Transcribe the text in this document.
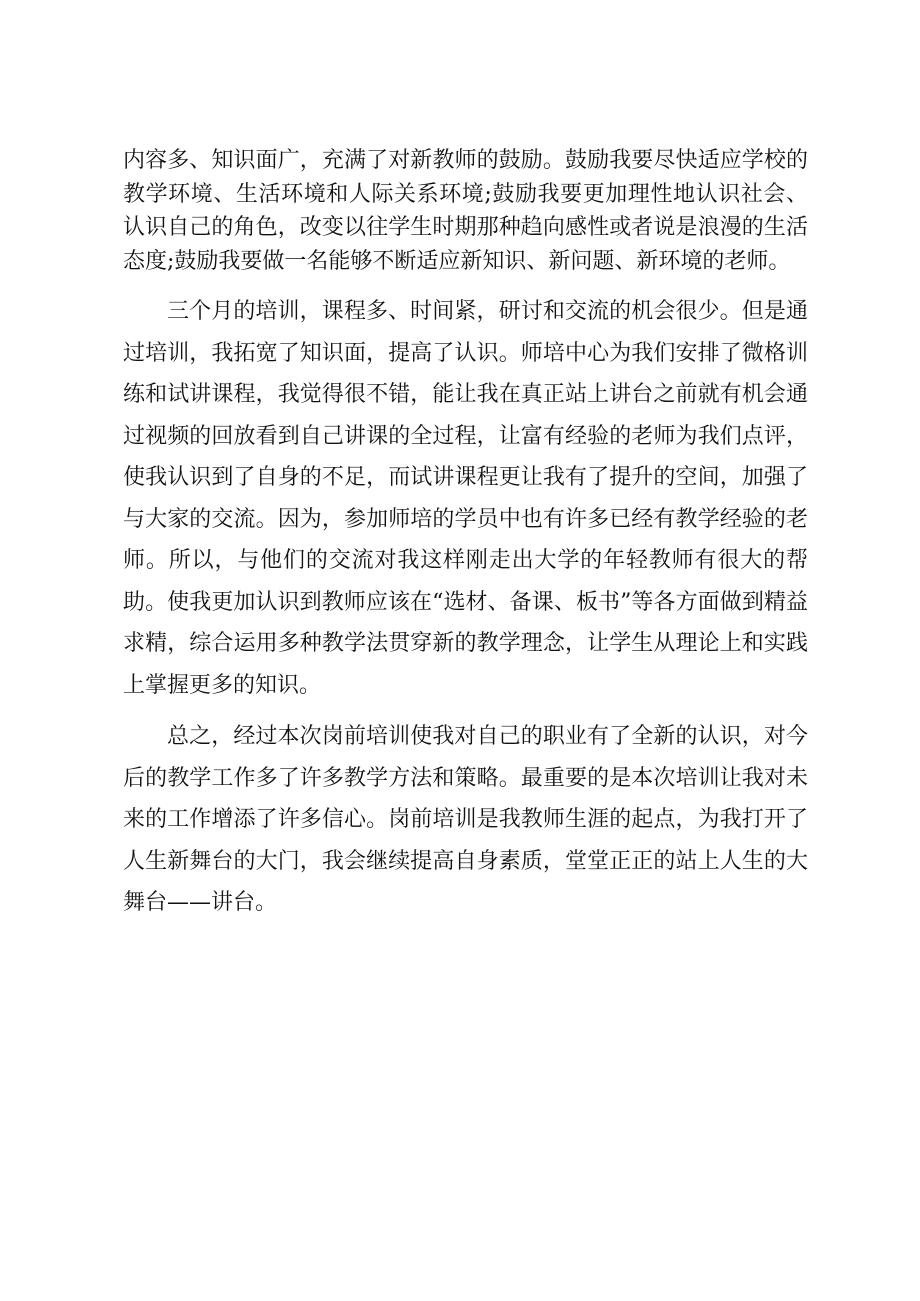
内容多、知识面广，充满了对新教师的鼓励。鼓励我要尽快适应学校的教学环境、生活环境和人际关系环境;鼓励我要更加理性地认识社会、认识自己的角色，改变以往学生时期那种趋向感性或者说是浪漫的生活态度;鼓励我要做一名能够不断适应新知识、新问题、新环境的老师。

三个月的培训，课程多、时间紧，研讨和交流的机会很少。但是通过培训，我拓宽了知识面，提高了认识。师培中心为我们安排了微格训练和试讲课程，我觉得很不错，能让我在真正站上讲台之前就有机会通过视频的回放看到自己讲课的全过程，让富有经验的老师为我们点评，使我认识到了自身的不足，而试讲课程更让我有了提升的空间，加强了与大家的交流。因为，参加师培的学员中也有许多已经有教学经验的老师。所以，与他们的交流对我这样刚走出大学的年轻教师有很大的帮助。使我更加认识到教师应该在“选材、备课、板书”等各方面做到精益求精，综合运用多种教学法贯穿新的教学理念，让学生从理论上和实践上掌握更多的知识。

总之，经过本次岗前培训使我对自己的职业有了全新的认识，对今后的教学工作多了许多教学方法和策略。最重要的是本次培训让我对未来的工作增添了许多信心。岗前培训是我教师生涯的起点，为我打开了人生新舞台的大门，我会继续提高自身素质，堂堂正正的站上人生的大舞台——讲台。
